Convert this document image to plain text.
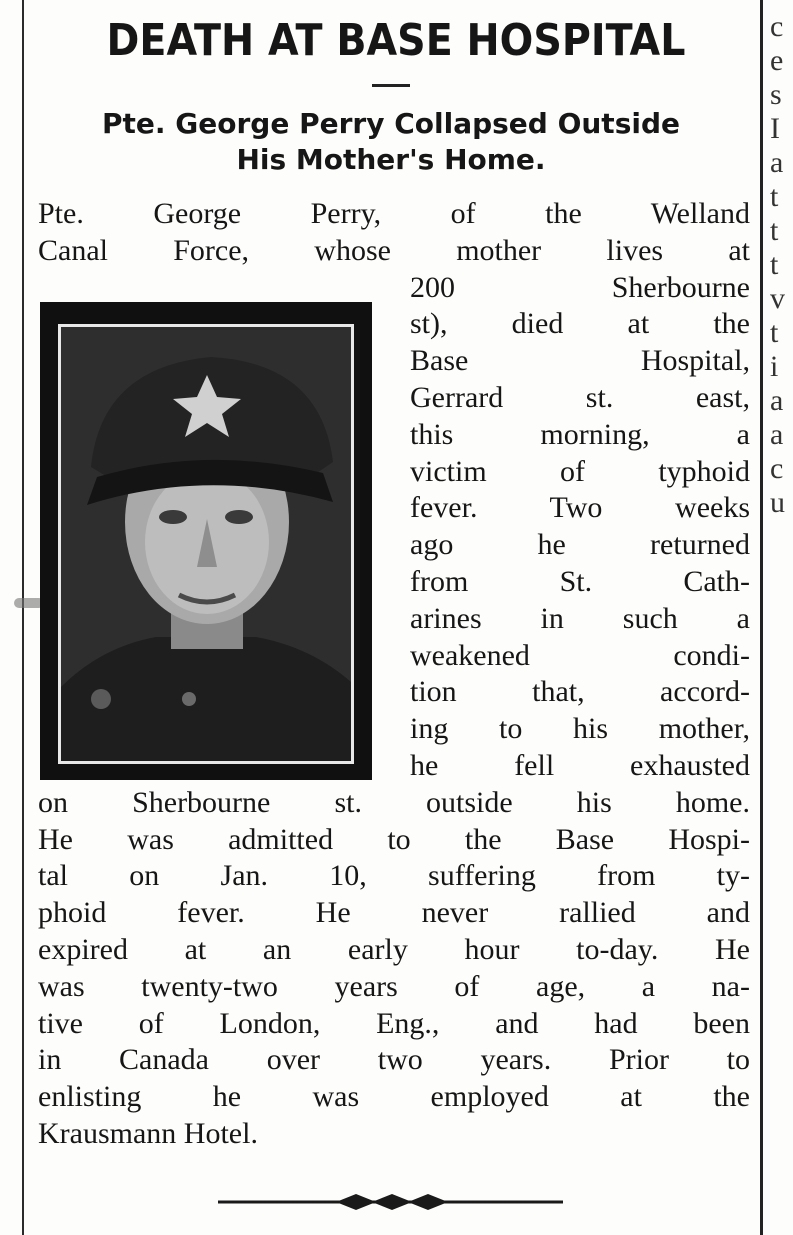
c
e
s
I
a
t
t
t
v
t
i
a
a
c
u
DEATH AT BASE HOSPITAL
Pte. George Perry Collapsed Outside
His Mother's Home.
Pte. George Perry, of the Welland
Canal Force, whose mother lives at
200 Sherbourne
st), died at the
Base Hospital,
Gerrard st. east,
this morning, a
victim of typhoid
fever. Two weeks
ago he returned
from St. Cath-
arines in such a
weakened condi-
tion that, accord-
ing to his mother,
he fell exhausted
on Sherbourne st. outside his home.
He was admitted to the Base Hospi-
tal on Jan. 10, suffering from ty-
phoid fever. He never rallied and
expired at an early hour to-day. He
was twenty-two years of age, a na-
tive of London, Eng., and had been
in Canada over two years. Prior to
enlisting he was employed at the
Krausmann Hotel.
